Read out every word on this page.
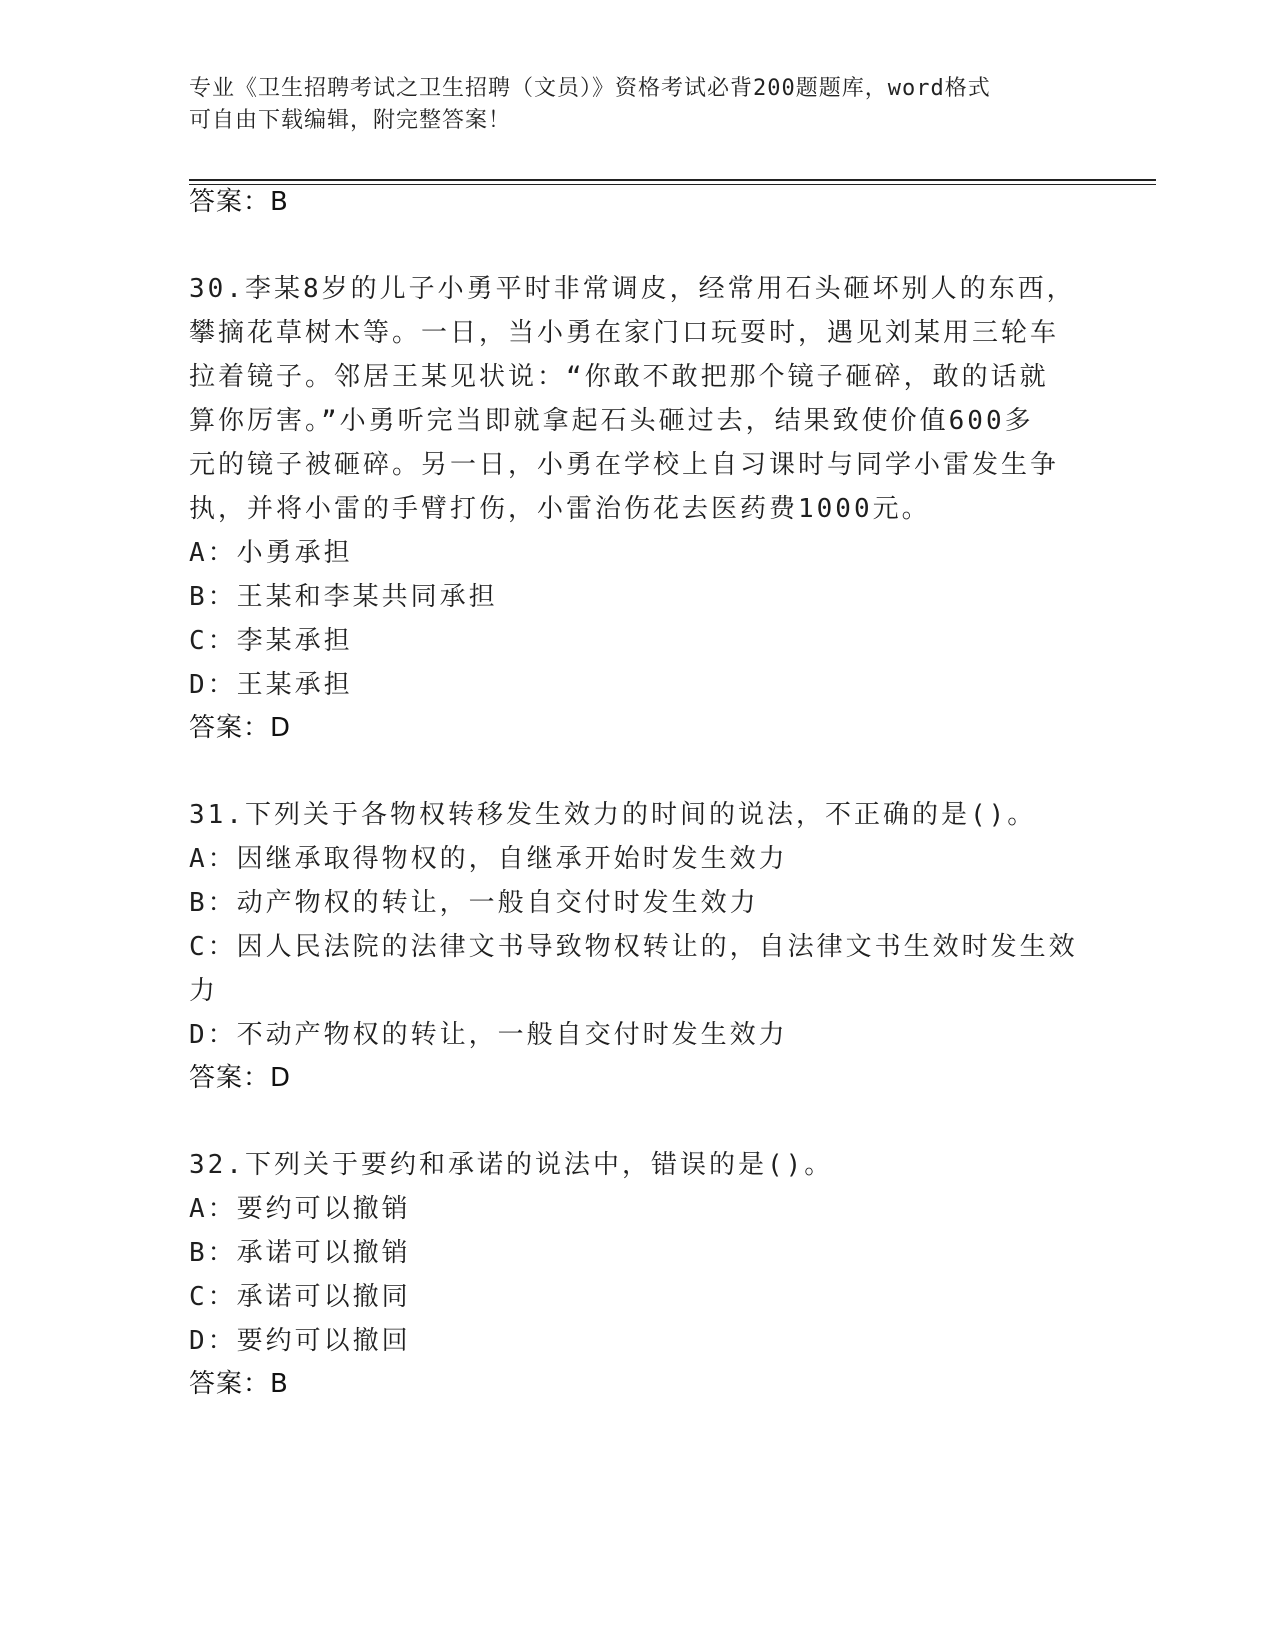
专业《卫生招聘考试之卫生招聘（文员）》资格考试必背200题题库，word格式
可自由下载编辑，附完整答案！
答案：B
30.李某8岁的儿子小勇平时非常调皮，经常用石头砸坏别人的东西，
攀摘花草树木等。一日，当小勇在家门口玩耍时，遇见刘某用三轮车
拉着镜子。邻居王某见状说：“你敢不敢把那个镜子砸碎，敢的话就
算你厉害。”小勇听完当即就拿起石头砸过去，结果致使价值600多
元的镜子被砸碎。另一日，小勇在学校上自习课时与同学小雷发生争
执，并将小雷的手臂打伤，小雷治伤花去医药费1000元。
A：小勇承担
B：王某和李某共同承担
C：李某承担
D：王某承担
答案：D
31.下列关于各物权转移发生效力的时间的说法，不正确的是()。
A：因继承取得物权的，自继承开始时发生效力
B：动产物权的转让，一般自交付时发生效力
C：因人民法院的法律文书导致物权转让的，自法律文书生效时发生效
力
D：不动产物权的转让，一般自交付时发生效力
答案：D
32.下列关于要约和承诺的说法中，错误的是()。
A：要约可以撤销
B：承诺可以撤销
C：承诺可以撤同
D：要约可以撤回
答案：B
